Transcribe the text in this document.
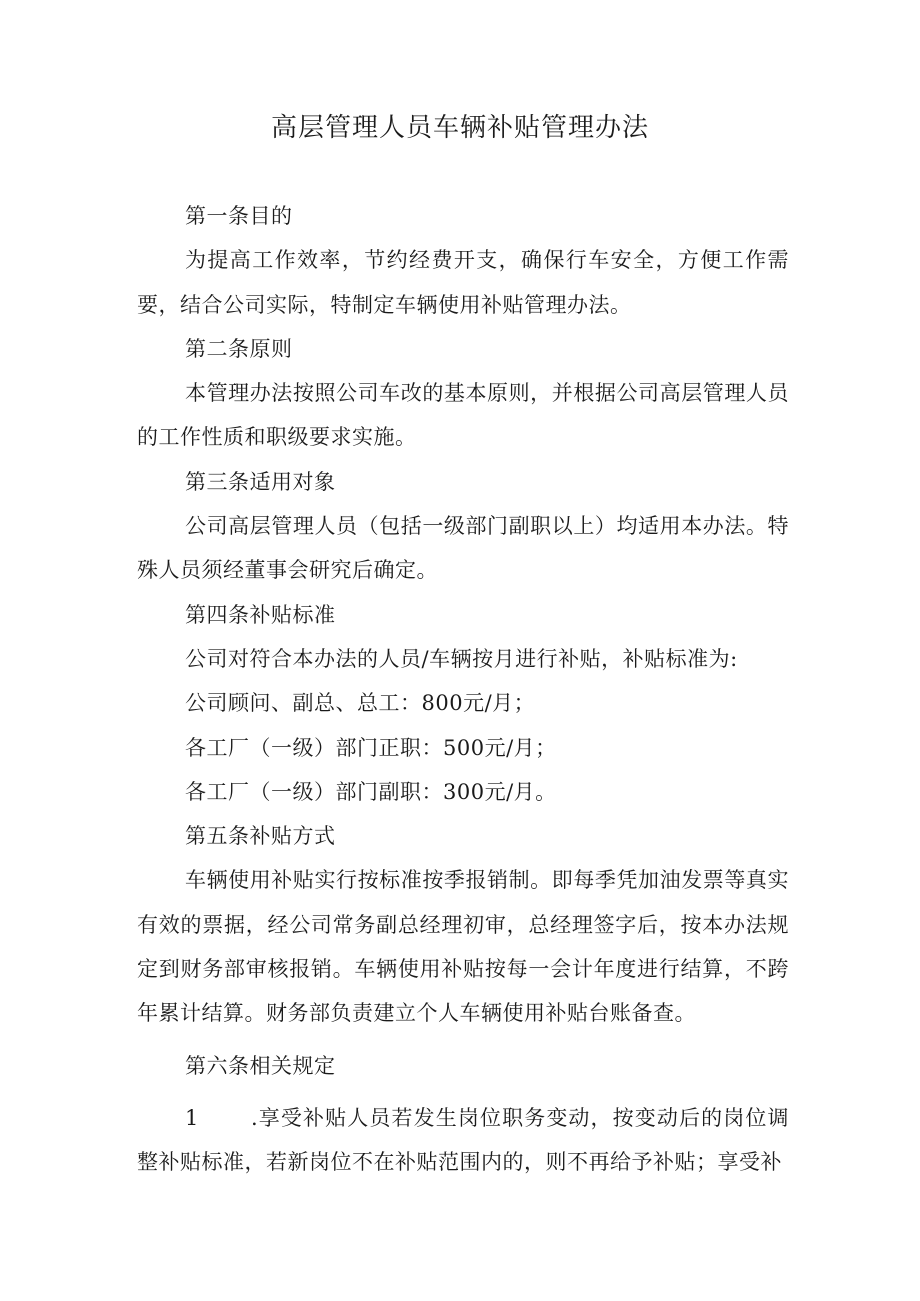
高层管理人员车辆补贴管理办法

第一条目的

为提高工作效率，节约经费开支，确保行车安全，方便工作需要，结合公司实际，特制定车辆使用补贴管理办法。

第二条原则

本管理办法按照公司车改的基本原则，并根据公司高层管理人员的工作性质和职级要求实施。

第三条适用对象

公司高层管理人员（包括一级部门副职以上）均适用本办法。特殊人员须经董事会研究后确定。

第四条补贴标准

公司对符合本办法的人员/车辆按月进行补贴，补贴标准为:

公司顾问、副总、总工：800元/月；

各工厂（一级）部门正职：500元/月；

各工厂（一级）部门副职：300元/月。

第五条补贴方式

车辆使用补贴实行按标准按季报销制。即每季凭加油发票等真实有效的票据，经公司常务副总经理初审，总经理签字后，按本办法规定到财务部审核报销。车辆使用补贴按每一会计年度进行结算，不跨年累计结算。财务部负责建立个人车辆使用补贴台账备查。

第六条相关规定

1 .享受补贴人员若发生岗位职务变动，按变动后的岗位调整补贴标准，若新岗位不在补贴范围内的，则不再给予补贴；享受补
